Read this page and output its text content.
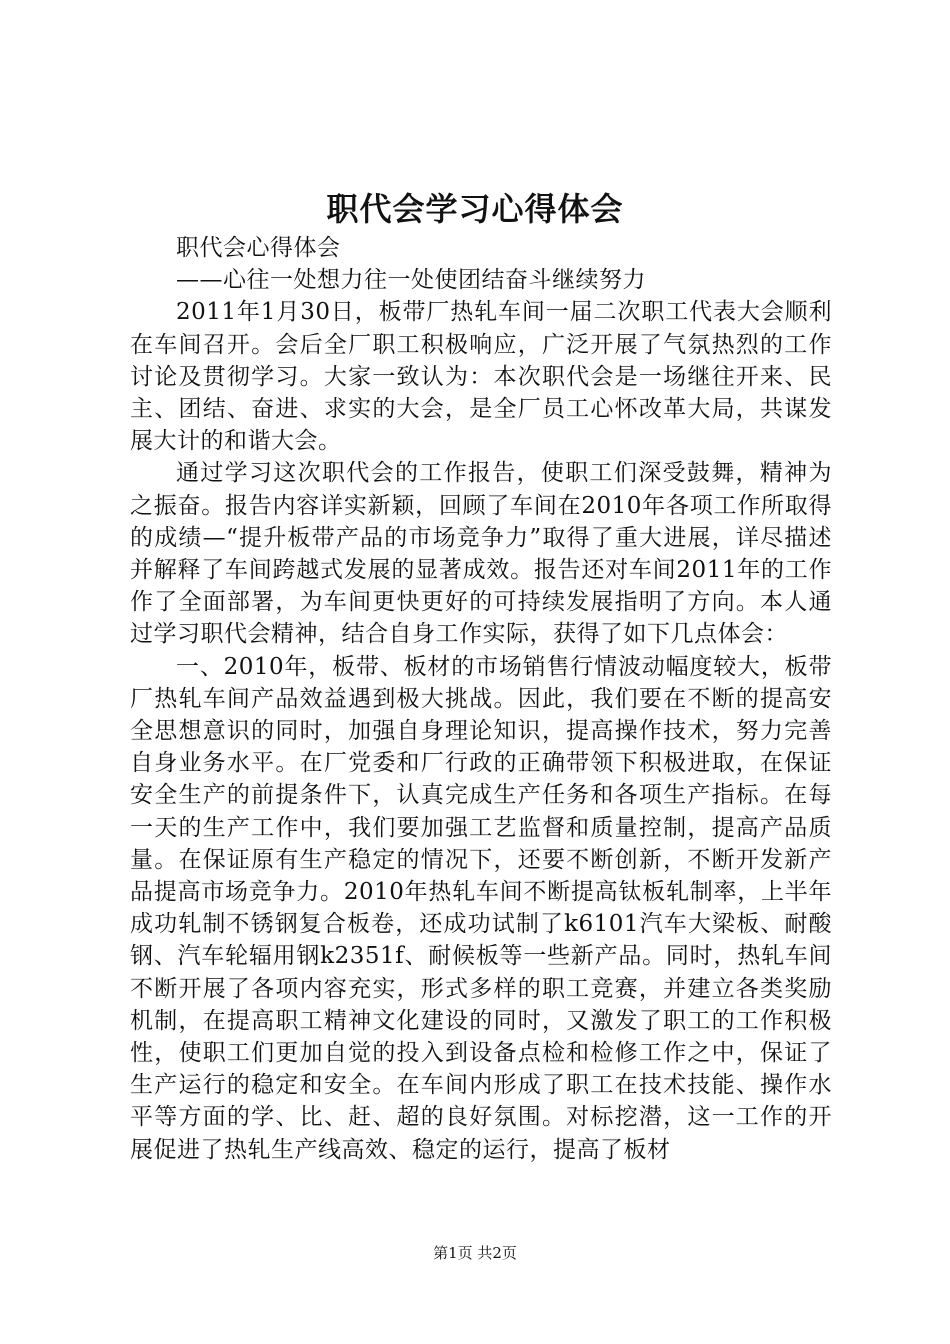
职代会学习心得体会

职代会心得体会

——心往一处想力往一处使团结奋斗继续努力

2011年1月30日，板带厂热轧车间一届二次职工代表大会顺利在车间召开。会后全厂职工积极响应，广泛开展了气氛热烈的工作讨论及贯彻学习。大家一致认为：本次职代会是一场继往开来、民主、团结、奋进、求实的大会，是全厂员工心怀改革大局，共谋发展大计的和谐大会。

通过学习这次职代会的工作报告，使职工们深受鼓舞，精神为之振奋。报告内容详实新颖，回顾了车间在2010年各项工作所取得的成绩—“提升板带产品的市场竞争力”取得了重大进展，详尽描述并解释了车间跨越式发展的显著成效。报告还对车间2011年的工作作了全面部署，为车间更快更好的可持续发展指明了方向。本人通过学习职代会精神，结合自身工作实际，获得了如下几点体会：

一、2010年，板带、板材的市场销售行情波动幅度较大，板带厂热轧车间产品效益遇到极大挑战。因此，我们要在不断的提高安全思想意识的同时，加强自身理论知识，提高操作技术，努力完善自身业务水平。在厂党委和厂行政的正确带领下积极进取，在保证安全生产的前提条件下，认真完成生产任务和各项生产指标。在每一天的生产工作中，我们要加强工艺监督和质量控制，提高产品质量。在保证原有生产稳定的情况下，还要不断创新，不断开发新产品提高市场竞争力。2010年热轧车间不断提高钛板轧制率，上半年成功轧制不锈钢复合板卷，还成功试制了k6101汽车大梁板、耐酸钢、汽车轮辐用钢k2351f、耐候板等一些新产品。同时，热轧车间不断开展了各项内容充实，形式多样的职工竞赛，并建立各类奖励机制，在提高职工精神文化建设的同时，又激发了职工的工作积极性，使职工们更加自觉的投入到设备点检和检修工作之中，保证了生产运行的稳定和安全。在车间内形成了职工在技术技能、操作水平等方面的学、比、赶、超的良好氛围。对标挖潜，这一工作的开展促进了热轧生产线高效、稳定的运行，提高了板材

第1页 共2页
